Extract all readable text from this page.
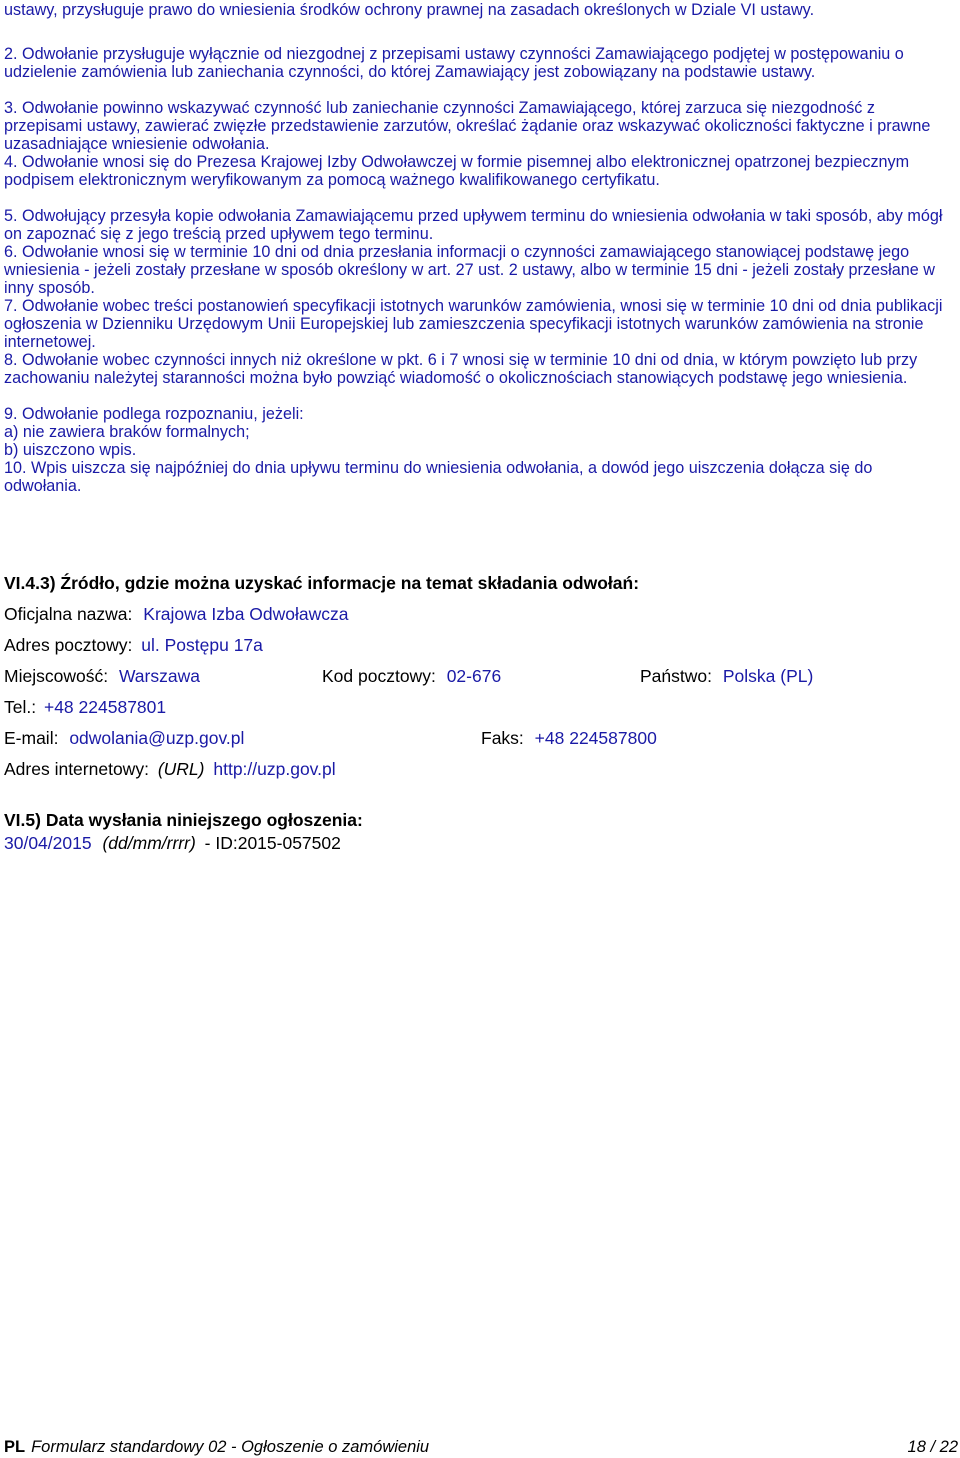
ustawy, przysługuje prawo do wniesienia środków ochrony prawnej na zasadach określonych w Dziale VI ustawy.
2. Odwołanie przysługuje wyłącznie od niezgodnej z przepisami ustawy czynności Zamawiającego podjętej w postępowaniu o udzielenie zamówienia lub zaniechania czynności, do której Zamawiający jest zobowiązany na podstawie ustawy.
3. Odwołanie powinno wskazywać czynność lub zaniechanie czynności Zamawiającego, której zarzuca się niezgodność z przepisami ustawy, zawierać zwięzłe przedstawienie zarzutów, określać żądanie oraz wskazywać okoliczności faktyczne i prawne uzasadniające wniesienie odwołania.
4. Odwołanie wnosi się do Prezesa Krajowej Izby Odwoławczej w formie pisemnej albo elektronicznej opatrzonej bezpiecznym podpisem elektronicznym weryfikowanym za pomocą ważnego kwalifikowanego certyfikatu.
5. Odwołujący przesyła kopie odwołania Zamawiającemu przed upływem terminu do wniesienia odwołania w taki sposób, aby mógł on zapoznać się z jego treścią przed upływem tego terminu.
6. Odwołanie wnosi się w terminie 10 dni od dnia przesłania informacji o czynności zamawiającego stanowiącej podstawę jego wniesienia - jeżeli zostały przesłane w sposób określony w art. 27 ust. 2 ustawy, albo w terminie 15 dni - jeżeli zostały przesłane w inny sposób.
7. Odwołanie wobec treści postanowień specyfikacji istotnych warunków zamówienia, wnosi się w terminie 10 dni od dnia publikacji ogłoszenia w Dzienniku Urzędowym Unii Europejskiej lub zamieszczenia specyfikacji istotnych warunków zamówienia na stronie internetowej.
8. Odwołanie wobec czynności innych niż określone w pkt. 6 i 7 wnosi się w terminie 10 dni od dnia, w którym powzięto lub przy zachowaniu należytej staranności można było powziąć wiadomość o okolicznościach stanowiących podstawę jego wniesienia.
9. Odwołanie podlega rozpoznaniu, jeżeli:
a) nie zawiera braków formalnych;
b) uiszczono wpis.
10. Wpis uiszcza się najpóźniej do dnia upływu terminu do wniesienia odwołania, a dowód jego uiszczenia dołącza się do odwołania.
VI.4.3) Źródło, gdzie można uzyskać informacje na temat składania odwołań:
Oficjalna nazwa: Krajowa Izba Odwoławcza
Adres pocztowy: ul. Postępu 17a
Miejscowość: Warszawa	Kod pocztowy: 02-676	Państwo: Polska (PL)
Tel.: +48 224587801
E-mail: odwolania@uzp.gov.pl	Faks: +48 224587800
Adres internetowy: (URL) http://uzp.gov.pl
VI.5) Data wysłania niniejszego ogłoszenia:
30/04/2015 (dd/mm/rrrr) - ID:2015-057502
PL Formularz standardowy 02 - Ogłoszenie o zamówieniu	18 / 22
